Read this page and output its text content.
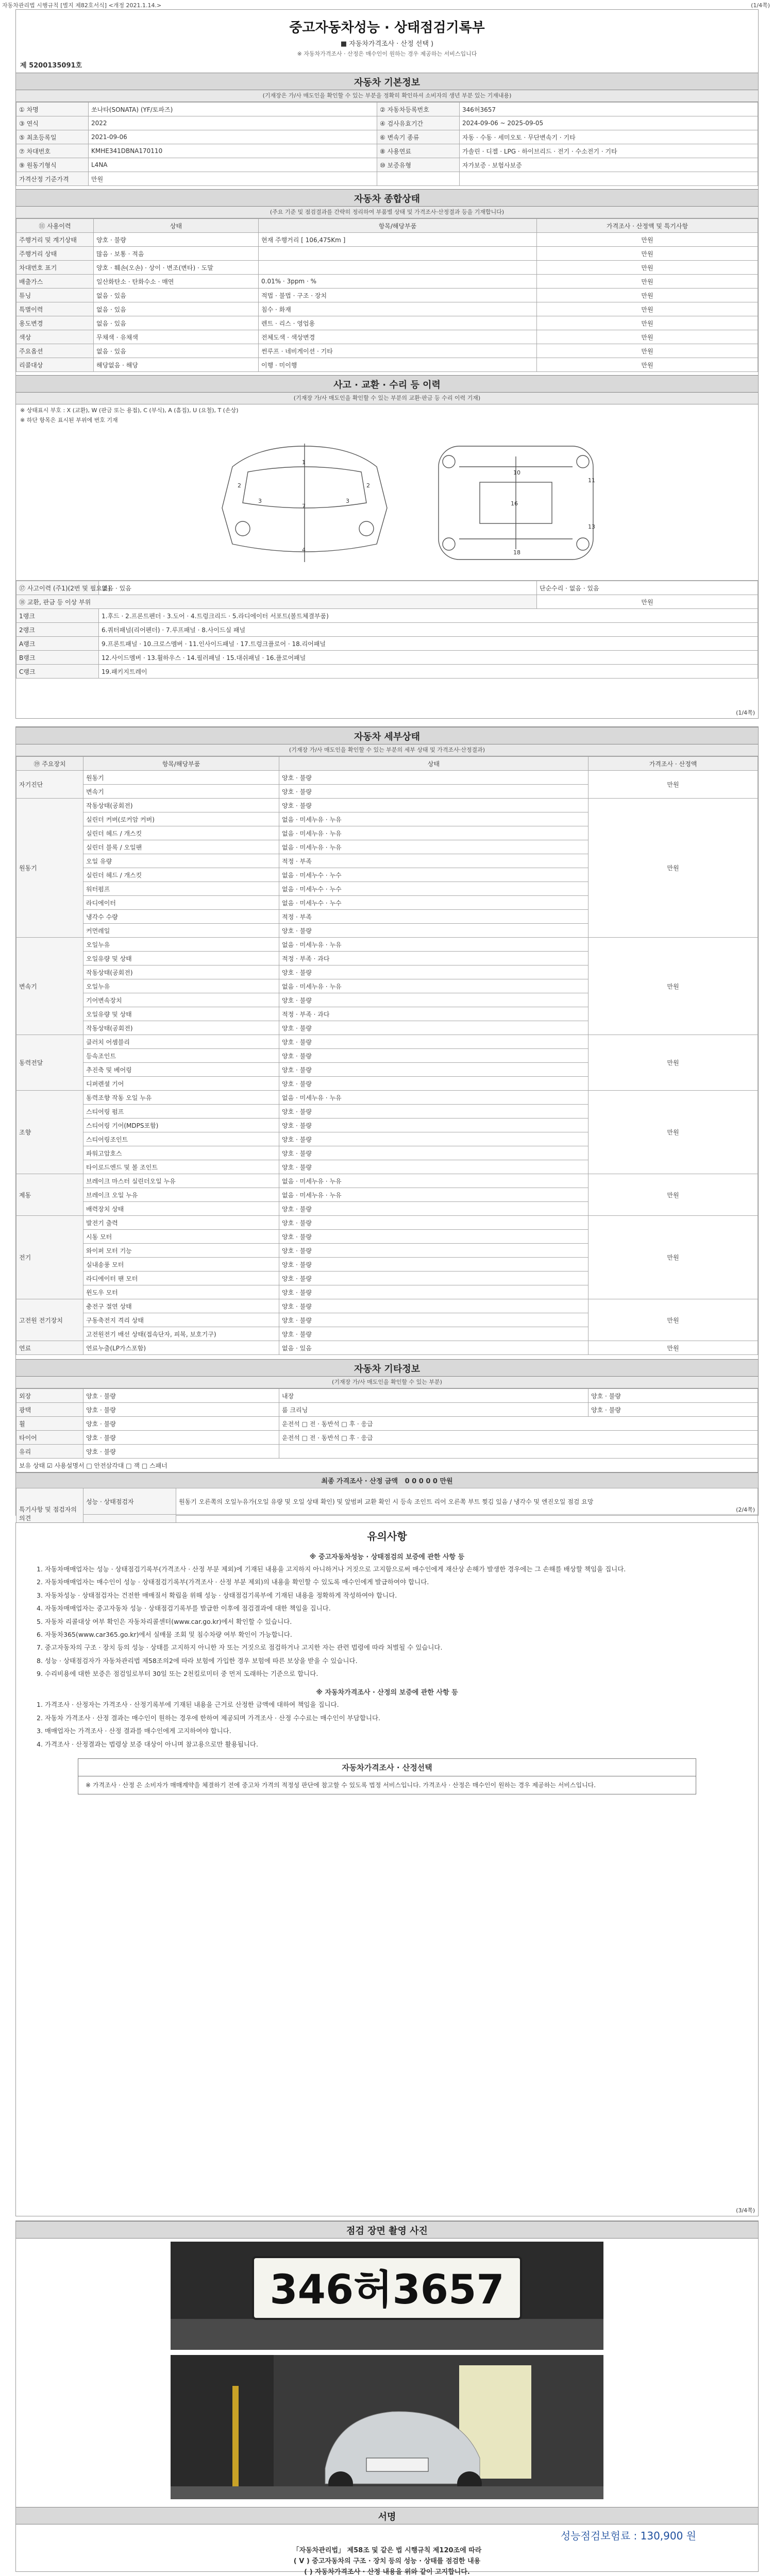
자동차관리법 시행규칙 [별지 제82호서식] <개정 2021.1.14.>	(1/4쪽)
중고자동차성능 · 상태점검기록부
■ 자동차가격조사 · 산정 선택 )
※ 자동차가격조사 · 산정은 매수인이 원하는 경우 제공하는 서비스입니다
제 5200135091호
자동차 기본정보
(기재장은 가/사 매도인을 확인할 수 있는 부분을 정확히 확인하셔 소비자의 생년 부분 있는 기재내용)
① 차명	쏘나타(SONATA) (YF/토파즈)	② 자동차등록번호	346허3657
③ 연식	2022	④ 검사유효기간	2024-09-06 ~ 2025-09-05
⑤ 최초등록일	2021-09-06	⑥ 변속기 종류	자동 · 수동 · 세미오토 · 무단변속기 · 기타
⑦ 차대번호	KMHE341DBNA170110	⑧ 사용연료	가솔린 · 디젤 · LPG · 하이브리드 · 전기 · 수소전기 · 기타
⑨ 원동기형식	L4NA	⑩ 보증유형	자가보증 · 보험사보증
가격산정 기준가격	만원		
자동차 종합상태
(주요 기준 및 점검결과를 간략히 정리하여 부품별 상태 및 가격조사·산정결과 등을 기재합니다)
⑪ 사용이력	상태	항목/해당부품	가격조사 · 산정액 및 특기사항
주행거리 및 계기상태	양호 · 불량	현재 주행거리 [ 106,475Km ]	만원
주행거리 상태	많음 · 보통 · 적음		만원
차대번호 표기	양호 · 훼손(오손) · 상이 · 변조(변타) · 도말		만원
배출가스	일산화탄소 · 탄화수소 · 매연	0.01% · 3ppm · %	만원
튜닝	없음 · 있음	적법 · 불법 · 구조 · 장치	만원
특별이력	없음 · 있음	침수 · 화재	만원
용도변경	없음 · 있음	렌트 · 리스 · 영업용	만원
색상	무채색 · 유채색	전체도색 · 색상변경	만원
주요옵션	없음 · 있음	썬루프 · 네비게이션 · 기타	만원
리콜대상	해당없음 · 해당	이행 · 미이행	만원
사고 · 교환 · 수리 등 이력
(기재장 가/사 매도인을 확인할 수 있는 부분의 교환·판금 등 수리 이력 기재)
※ 상태표시 부호 : X (교환), W (판금 또는 용접), C (부식), A (흠집), U (요철), T (손상)
※ 하단 항목은 표시된 부위에 번호 기재
1
2	2
3	3
4
7
10
11
16
13
18
⑰ 사고이력 (주1)(2번 및 필요조)	없음 · 있음	단순수리 · 없음 · 있음
⑱ 교환, 판금 등 이상 부위		만원
1랭크	1.후드 · 2.프론트펜더 · 3.도어 · 4.트렁크리드 · 5.라디에이터 서포트(볼트체결부품)	
2랭크	6.쿼터패널(리어펜더) · 7.루프패널 · 8.사이드실 패널	
A랭크	9.프론트패널 · 10.크로스멤버 · 11.인사이드패널 · 17.트렁크플로어 · 18.리어패널	
B랭크	12.사이드멤버 · 13.휠하우스 · 14.필러패널 · 15.대쉬패널 · 16.플로어패널	
C랭크	19.패키지트레이	
(1/4쪽)
자동차 세부상태
(기재장 가/사 매도인을 확인할 수 있는 부분의 세부 상태 및 가격조사·산정결과)
⑲ 주요장치	항목/해당부품	상태	가격조사 · 산정액
자기진단	원동기	양호 · 불량	만원
	변속기	양호 · 불량	
원동기	작동상태(공회전)	양호 · 불량	만원
	실린더 커버(로커암 커버)	없음 · 미세누유 · 누유	
	실린더 헤드 / 개스킷	없음 · 미세누유 · 누유	
	실린더 블록 / 오일팬	없음 · 미세누유 · 누유	
	오일 유량	적정 · 부족	
	실린더 헤드 / 개스킷	없음 · 미세누수 · 누수	
	워터펌프	없음 · 미세누수 · 누수	
	라디에이터	없음 · 미세누수 · 누수	
	냉각수 수량	적정 · 부족	
	커먼레일	양호 · 불량	
변속기	오일누유	없음 · 미세누유 · 누유	만원
	오일유량 및 상태	적정 · 부족 · 과다	
	작동상태(공회전)	양호 · 불량	
	오일누유	없음 · 미세누유 · 누유	
	기어변속장치	양호 · 불량	
	오일유량 및 상태	적정 · 부족 · 과다	
	작동상태(공회전)	양호 · 불량	
동력전달	클러치 어셈블리	양호 · 불량	만원
	등속조인트	양호 · 불량	
	추진축 및 베어링	양호 · 불량	
	디퍼렌셜 기어	양호 · 불량	
조향	동력조향 작동 오일 누유	없음 · 미세누유 · 누유	만원
	스티어링 펌프	양호 · 불량	
	스티어링 기어(MDPS포함)	양호 · 불량	
	스티어링조인트	양호 · 불량	
	파워고압호스	양호 · 불량	
	타이로드엔드 및 볼 조인트	양호 · 불량	
제동	브레이크 마스터 실린더오일 누유	없음 · 미세누유 · 누유	만원
	브레이크 오일 누유	없음 · 미세누유 · 누유	
	배력장치 상태	양호 · 불량	
전기	발전기 출력	양호 · 불량	만원
	시동 모터	양호 · 불량	
	와이퍼 모터 기능	양호 · 불량	
	실내송풍 모터	양호 · 불량	
	라디에이터 팬 모터	양호 · 불량	
	윈도우 모터	양호 · 불량	
고전원 전기장치	충전구 절연 상태	양호 · 불량	만원
	구동축전지 격리 상태	양호 · 불량	
	고전원전기 배선 상태(접속단자, 피복, 보호기구)	양호 · 불량	
연료	연료누출(LP가스포함)	없음 · 있음	만원
자동차 기타정보
(기재장 가/사 매도인을 확인할 수 있는 부분)
외장	양호 · 불량	내장	양호 · 불량
광택	양호 · 불량	룸 크리닝	양호 · 불량
휠	양호 · 불량	운전석 □ 전 · 동반석 □ 후 · 응급	
타이어	양호 · 불량	운전석 □ 전 · 동반석 □ 후 · 응급	
유리	양호 · 불량		
보유 상태 ☑ 사용설명서 □ 안전삼각대 □ 잭 □ 스패너			
최종 가격조사 · 산정 금액 0 0 0 0 0 만원
특기사항 및 점검자의 의견	성능 · 상태점검자	원동기 오른쪽의 오일누유가(오일 유량 및 오일 상태 확인) 및 앞범퍼 교환 확인 시 등속 조인트 리어 오른쪽 부트 찢김 있음 / 냉각수 및 엔진오일 점검 요망

(2/4쪽)
유의사항
※ 중고자동차성능 · 상태점검의 보증에 관한 사항 등

1. 자동차매매업자는 성능 · 상태점검기록부(가격조사 · 산정 부분 제외)에 기재된 내용을 고지하지 아니하거나 거짓으로 고지함으로써 매수인에게 재산상 손해가 발생한 경우에는 그 손해를 배상할 책임을 집니다.

2. 자동차매매업자는 매수인이 성능 · 상태점검기록부(가격조사 · 산정 부분 제외)의 내용을 확인할 수 있도록 매수인에게 발급하여야 합니다.

3. 자동차성능 · 상태점검자는 건전한 매매질서 확립을 위해 성능 · 상태점검기록부에 기재된 내용을 정확하게 작성하여야 합니다.

4. 자동차매매업자는 중고자동차 성능 · 상태점검기록부를 발급한 이후에 점검결과에 대한 책임을 집니다.

5. 자동차 리콜대상 여부 확인은 자동차리콜센터(www.car.go.kr)에서 확인할 수 있습니다.

6. 자동차365(www.car365.go.kr)에서 실매물 조회 및 침수차량 여부 확인이 가능합니다.

7. 중고자동차의 구조 · 장치 등의 성능 · 상태를 고지하지 아니한 자 또는 거짓으로 점검하거나 고지한 자는 관련 법령에 따라 처벌될 수 있습니다.

8. 성능 · 상태점검자가 자동차관리법 제58조의2에 따라 보험에 가입한 경우 보험에 따른 보상을 받을 수 있습니다.

9. 수리비용에 대한 보증은 점검일로부터 30일 또는 2천킬로미터 중 먼저 도래하는 기준으로 합니다.

※ 자동차가격조사 · 산정의 보증에 관한 사항 등

1. 가격조사 · 산정자는 가격조사 · 산정기록부에 기재된 내용을 근거로 산정한 금액에 대하여 책임을 집니다.

2. 자동차 가격조사 · 산정 결과는 매수인이 원하는 경우에 한하여 제공되며 가격조사 · 산정 수수료는 매수인이 부담합니다.

3. 매매업자는 가격조사 · 산정 결과를 매수인에게 고지하여야 합니다.

4. 가격조사 · 산정결과는 법령상 보증 대상이 아니며 참고용으로만 활용됩니다.

자동차가격조사 · 산정선택
※ 가격조사 · 산정 은 소비자가 매매계약을 체결하기 전에 중고차 가격의 적정성 판단에 참고할 수 있도록 법정 서비스입니다. 가격조사 · 산정은 매수인이 원하는 경우 제공하는 서비스입니다.
(3/4쪽)
점검 장면 촬영 사진
346허3657
서명
성능점검보험료 : 130,900 원
「자동차관리법」 제58조 및 같은 법 시행규칙 제120조에 따라
( V ) 중고자동차의 구조 · 장치 등의 성능 · 상태를 점검한 내용
( ) 자동차가격조사 · 산정 내용을 위와 같이 고지합니다.
